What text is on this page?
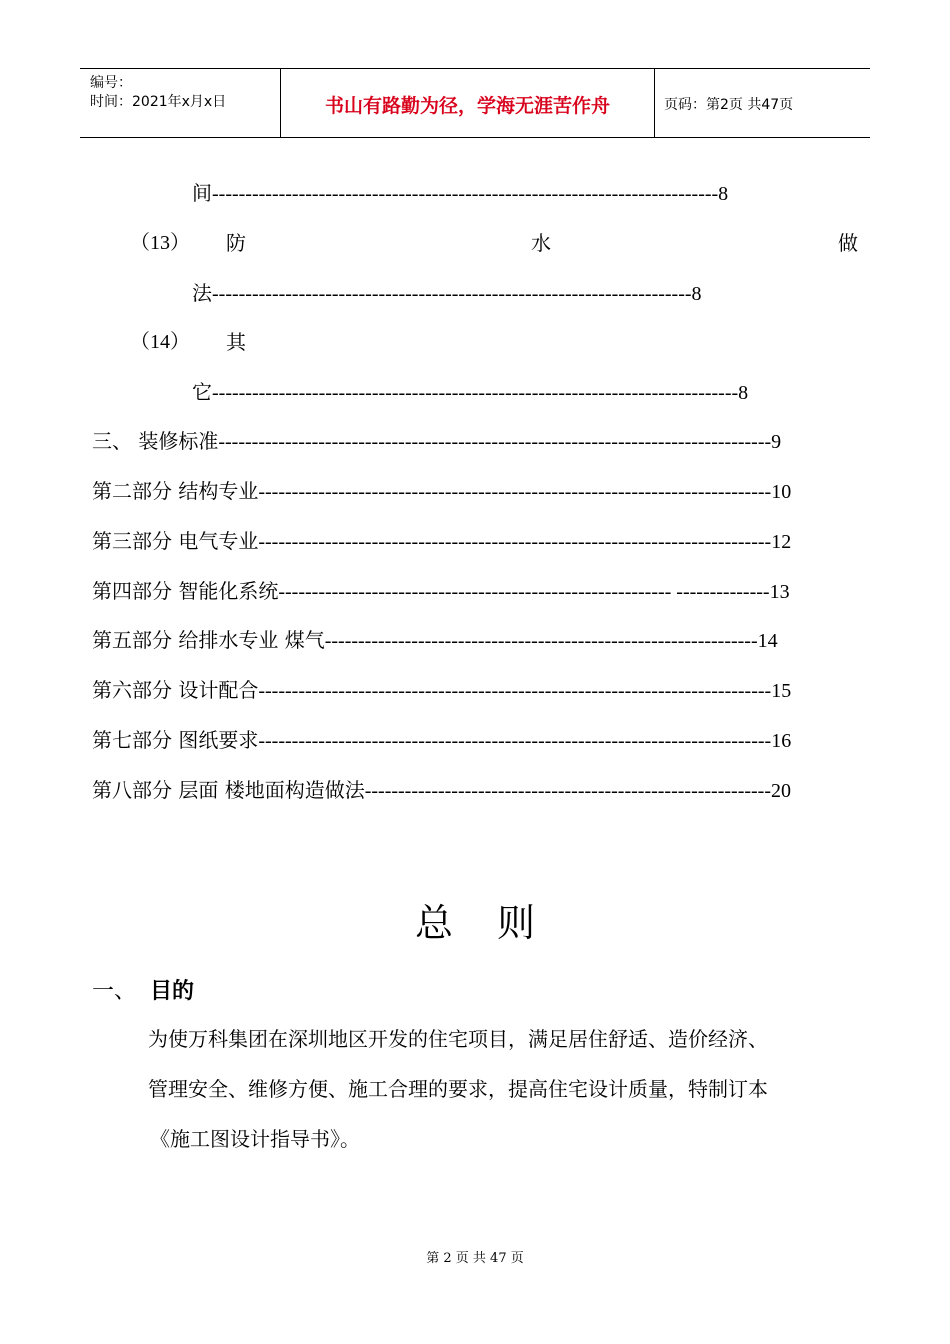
编号：
时间：2021年x月x日	书山有路勤为径，学海无涯苦作舟	页码：第2页 共47页
间----------------------------------------------------------------------------8
（13） 防	水	做
法------------------------------------------------------------------------8
（14） 其
它-------------------------------------------------------------------------------8
三、 装修标准-----------------------------------------------------------------------------------9
第二部分 结构专业-----------------------------------------------------------------------------10
第三部分 电气专业-----------------------------------------------------------------------------12
第四部分 智能化系统----------------------------------------------------------- --------------13
第五部分 给排水专业 煤气-----------------------------------------------------------------14
第六部分 设计配合-----------------------------------------------------------------------------15
第七部分 图纸要求-----------------------------------------------------------------------------16
第八部分 层面 楼地面构造做法-------------------------------------------------------------20
总则
一、 目的
为使万科集团在深圳地区开发的住宅项目，满足居住舒适、造价经济、
管理安全、维修方便、施工合理的要求，提高住宅设计质量，特制订本
《施工图设计指导书》。
第 2 页 共 47 页
